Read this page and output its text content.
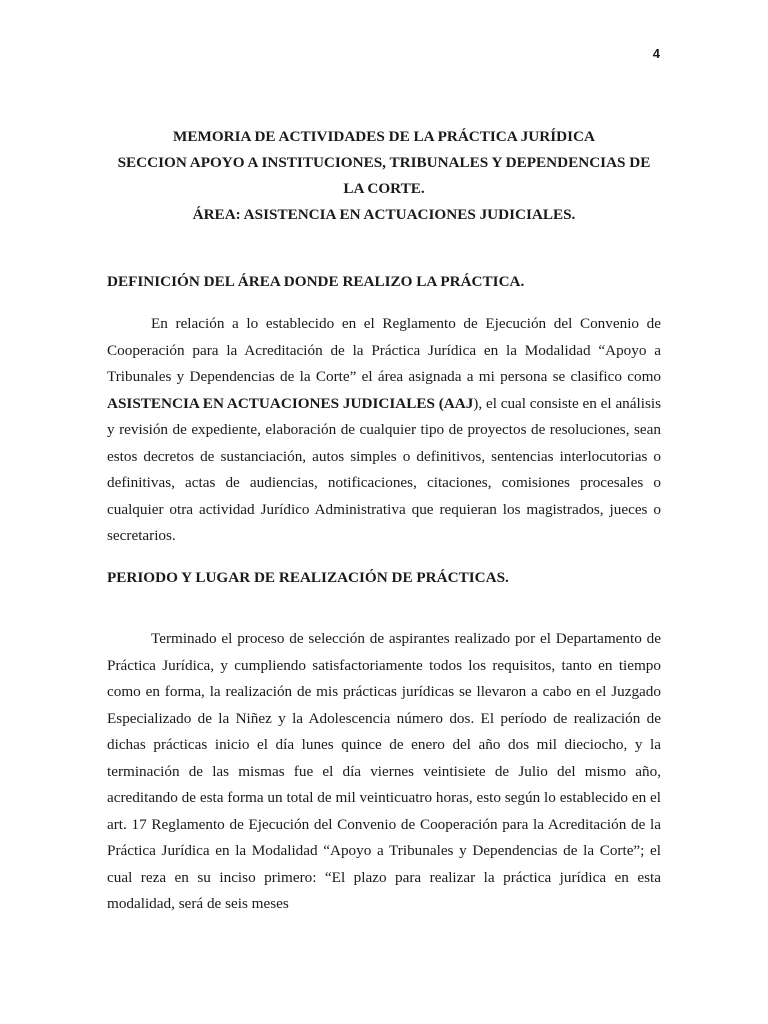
4
MEMORIA DE ACTIVIDADES DE LA PRÁCTICA JURÍDICA
SECCION APOYO A INSTITUCIONES, TRIBUNALES Y DEPENDENCIAS DE
LA CORTE.
ÁREA: ASISTENCIA EN ACTUACIONES JUDICIALES.
DEFINICIÓN DEL ÁREA DONDE REALIZO LA PRÁCTICA.
En relación a lo establecido en el Reglamento de Ejecución del Convenio de Cooperación para la Acreditación de la Práctica Jurídica en la Modalidad “Apoyo a Tribunales y Dependencias de la Corte” el área asignada a mi persona se clasifico como ASISTENCIA EN ACTUACIONES JUDICIALES (AAJ), el cual consiste en el análisis y revisión de expediente, elaboración de cualquier tipo de proyectos de resoluciones, sean estos decretos de sustanciación, autos simples o definitivos, sentencias interlocutorias o definitivas, actas de audiencias, notificaciones, citaciones, comisiones procesales o cualquier otra actividad Jurídico Administrativa que requieran los magistrados, jueces o secretarios.
PERIODO Y LUGAR DE REALIZACIÓN DE PRÁCTICAS.
Terminado el proceso de selección de aspirantes realizado por el Departamento de Práctica Jurídica, y cumpliendo satisfactoriamente todos los requisitos, tanto en tiempo como en forma, la realización de mis prácticas jurídicas se llevaron a cabo en el Juzgado Especializado de la Niñez y la Adolescencia número dos. El período de realización de dichas prácticas inicio el día lunes quince de enero del año dos mil dieciocho, y la terminación de las mismas fue el día viernes veintisiete de Julio del mismo año, acreditando de esta forma un total de mil veinticuatro horas, esto según lo establecido en el art. 17 Reglamento de Ejecución del Convenio de Cooperación para la Acreditación de la Práctica Jurídica en la Modalidad “Apoyo a Tribunales y Dependencias de la Corte”; el cual reza en su inciso primero: “El plazo para realizar la práctica jurídica en esta modalidad, será de seis meses
